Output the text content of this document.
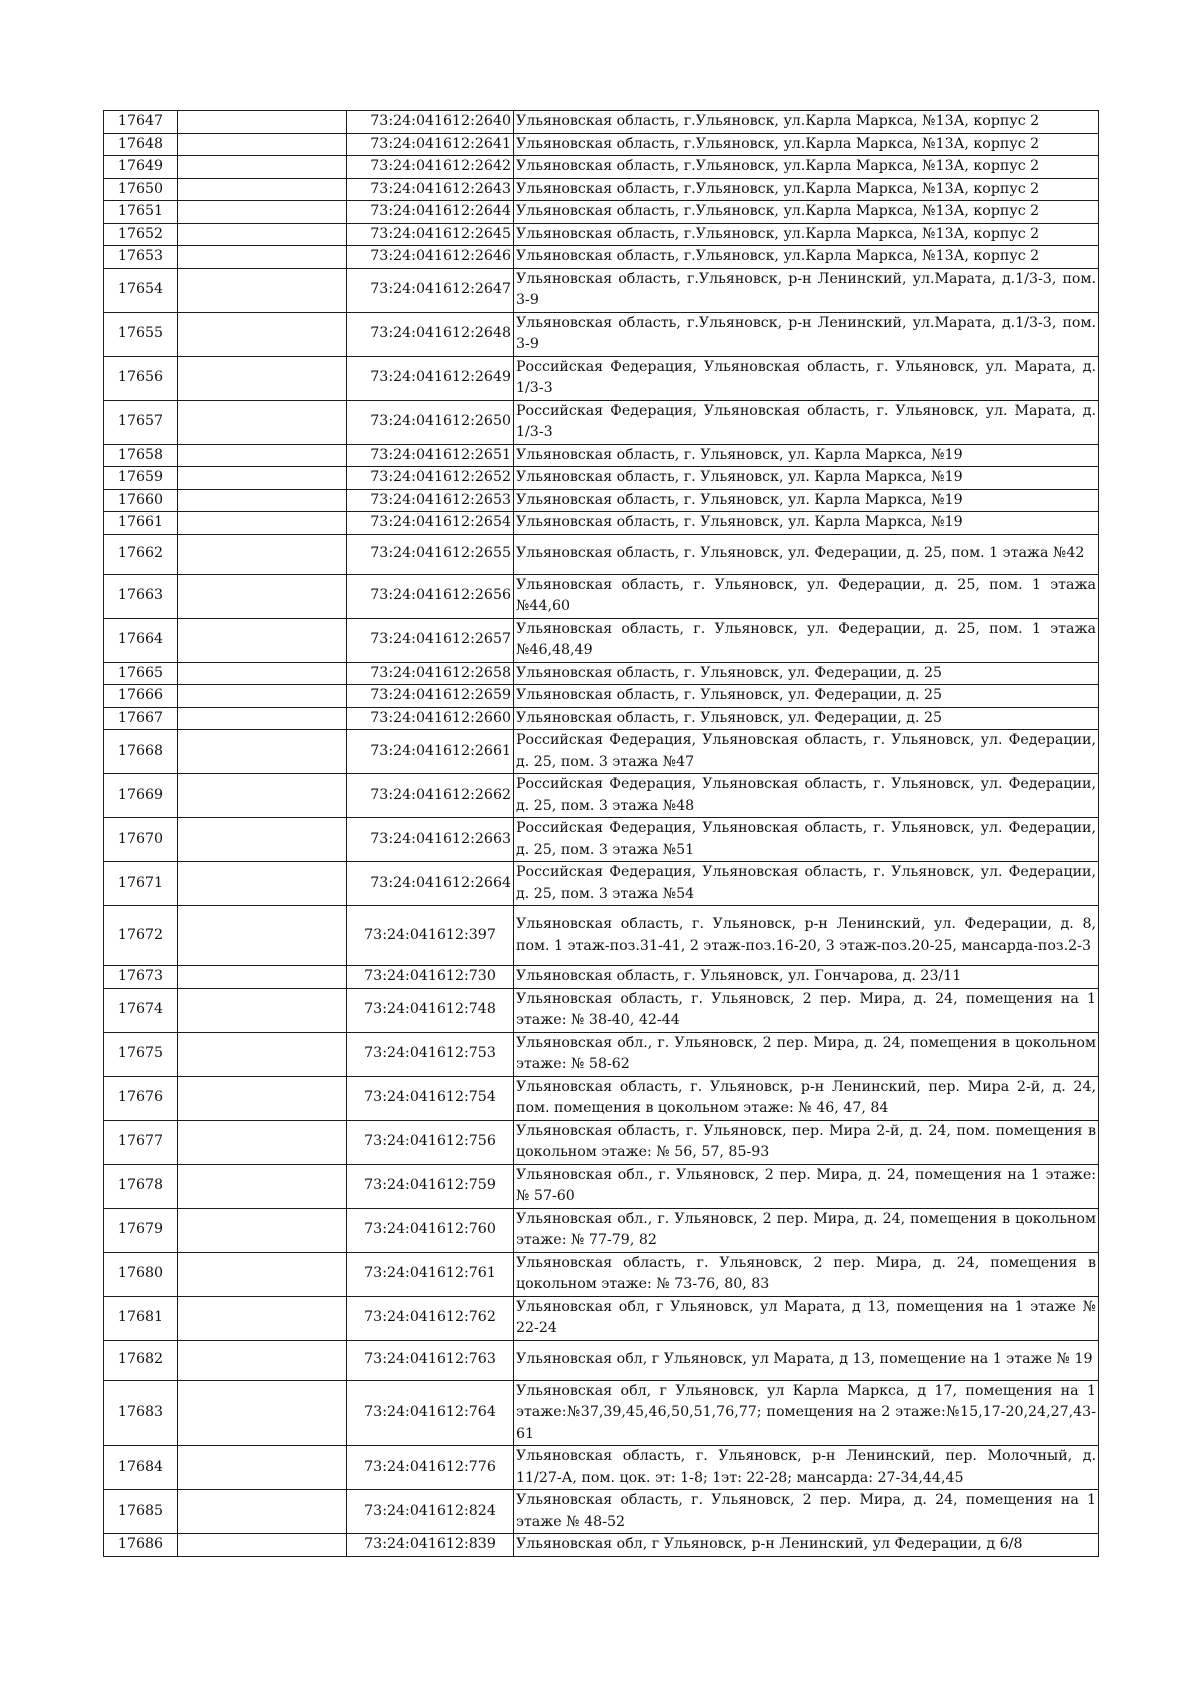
17647		73:24:041612:2640	Ульяновская область, г.Ульяновск, ул.Карла Маркса, №13А, корпус 2
17648		73:24:041612:2641	Ульяновская область, г.Ульяновск, ул.Карла Маркса, №13А, корпус 2
17649		73:24:041612:2642	Ульяновская область, г.Ульяновск, ул.Карла Маркса, №13А, корпус 2
17650		73:24:041612:2643	Ульяновская область, г.Ульяновск, ул.Карла Маркса, №13А, корпус 2
17651		73:24:041612:2644	Ульяновская область, г.Ульяновск, ул.Карла Маркса, №13А, корпус 2
17652		73:24:041612:2645	Ульяновская область, г.Ульяновск, ул.Карла Маркса, №13А, корпус 2
17653		73:24:041612:2646	Ульяновская область, г.Ульяновск, ул.Карла Маркса, №13А, корпус 2
17654		73:24:041612:2647	Ульяновская область, г.Ульяновск, р-н Ленинский, ул.Марата, д.1/3-3, пом. 3-9
17655		73:24:041612:2648	Ульяновская область, г.Ульяновск, р-н Ленинский, ул.Марата, д.1/3-3, пом. 3-9
17656		73:24:041612:2649	Российская Федерация, Ульяновская область, г. Ульяновск, ул. Марата, д. 1/3-3
17657		73:24:041612:2650	Российская Федерация, Ульяновская область, г. Ульяновск, ул. Марата, д. 1/3-3
17658		73:24:041612:2651	Ульяновская область, г. Ульяновск, ул. Карла Маркса, №19
17659		73:24:041612:2652	Ульяновская область, г. Ульяновск, ул. Карла Маркса, №19
17660		73:24:041612:2653	Ульяновская область, г. Ульяновск, ул. Карла Маркса, №19
17661		73:24:041612:2654	Ульяновская область, г. Ульяновск, ул. Карла Маркса, №19
17662		73:24:041612:2655	Ульяновская область, г. Ульяновск, ул. Федерации, д. 25, пом. 1 этажа №42
17663		73:24:041612:2656	Ульяновская область, г. Ульяновск, ул. Федерации, д. 25, пом. 1 этажа №44,60
17664		73:24:041612:2657	Ульяновская область, г. Ульяновск, ул. Федерации, д. 25, пом. 1 этажа №46,48,49
17665		73:24:041612:2658	Ульяновская область, г. Ульяновск, ул. Федерации, д. 25
17666		73:24:041612:2659	Ульяновская область, г. Ульяновск, ул. Федерации, д. 25
17667		73:24:041612:2660	Ульяновская область, г. Ульяновск, ул. Федерации, д. 25
17668		73:24:041612:2661	Российская Федерация, Ульяновская область, г. Ульяновск, ул. Федерации, д. 25, пом. 3 этажа №47
17669		73:24:041612:2662	Российская Федерация, Ульяновская область, г. Ульяновск, ул. Федерации, д. 25, пом. 3 этажа №48
17670		73:24:041612:2663	Российская Федерация, Ульяновская область, г. Ульяновск, ул. Федерации, д. 25, пом. 3 этажа №51
17671		73:24:041612:2664	Российская Федерация, Ульяновская область, г. Ульяновск, ул. Федерации, д. 25, пом. 3 этажа №54
17672		73:24:041612:397	Ульяновская область, г. Ульяновск, р-н Ленинский, ул. Федерации, д. 8, пом. 1 этаж-поз.31-41, 2 этаж-поз.16-20, 3 этаж-поз.20-25, мансарда-поз.2-3
17673		73:24:041612:730	Ульяновская область, г. Ульяновск, ул. Гончарова, д. 23/11
17674		73:24:041612:748	Ульяновская область, г. Ульяновск, 2 пер. Мира, д. 24, помещения на 1 этаже: № 38-40, 42-44
17675		73:24:041612:753	Ульяновская обл., г. Ульяновск, 2 пер. Мира, д. 24, помещения в цокольном этаже: № 58-62
17676		73:24:041612:754	Ульяновская область, г. Ульяновск, р-н Ленинский, пер. Мира 2-й, д. 24, пом. помещения в цокольном этаже: № 46, 47, 84
17677		73:24:041612:756	Ульяновская область, г. Ульяновск, пер. Мира 2-й, д. 24, пом. помещения в цокольном этаже: № 56, 57, 85-93
17678		73:24:041612:759	Ульяновская обл., г. Ульяновск, 2 пер. Мира, д. 24, помещения на 1 этаже: № 57-60
17679		73:24:041612:760	Ульяновская обл., г. Ульяновск, 2 пер. Мира, д. 24, помещения в цокольном этаже: № 77-79, 82
17680		73:24:041612:761	Ульяновская область, г. Ульяновск, 2 пер. Мира, д. 24, помещения в цокольном этаже: № 73-76, 80, 83
17681		73:24:041612:762	Ульяновская обл, г Ульяновск, ул Марата, д 13, помещения на 1 этаже № 22-24
17682		73:24:041612:763	Ульяновская обл, г Ульяновск, ул Марата, д 13, помещение на 1 этаже № 19
17683		73:24:041612:764	Ульяновская обл, г Ульяновск, ул Карла Маркса, д 17, помещения на 1 этаже:№37,39,45,46,50,51,76,77; помещения на 2 этаже:№15,17-20,24,27,43-61
17684		73:24:041612:776	Ульяновская область, г. Ульяновск, р-н Ленинский, пер. Молочный, д. 11/27-А, пом. цок. эт: 1-8; 1эт: 22-28; мансарда: 27-34,44,45
17685		73:24:041612:824	Ульяновская область, г. Ульяновск, 2 пер. Мира, д. 24, помещения на 1 этаже № 48-52
17686		73:24:041612:839	Ульяновская обл, г Ульяновск, р-н Ленинский, ул Федерации, д 6/8
